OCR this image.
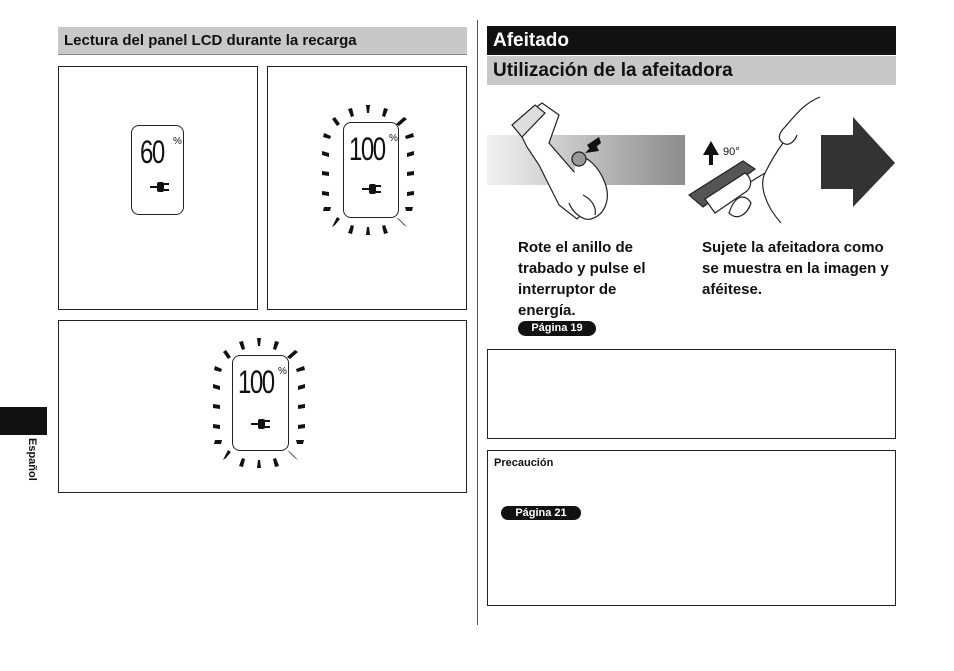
Español
Lectura del panel LCD durante la recarga
60 %	100 %
100 %
Afeitado
Utilización de la afeitadora
90°
Rote el anillo de
trabado y pulse el
interruptor de
energía.
Página 19
Sujete la afeitadora como
se muestra en la imagen y
aféitese.
Precaución
Página 21
